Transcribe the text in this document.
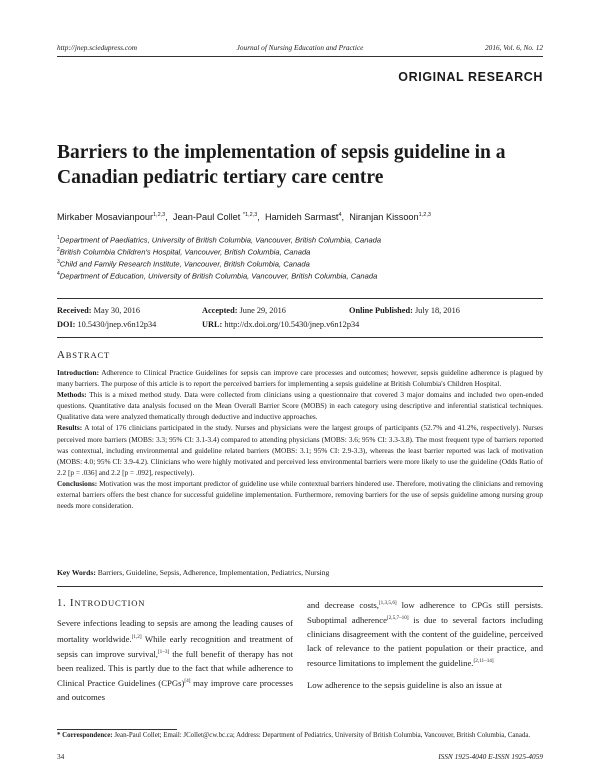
http://jnep.sciedupress.com	Journal of Nursing Education and Practice	2016, Vol. 6, No. 12
ORIGINAL RESEARCH
Barriers to the implementation of sepsis guideline in a Canadian pediatric tertiary care centre
Mirkaber Mosavianpour$^{1,2,3}$,  Jean-Paul Collet $^{*1,2,3}$,  Hamideh Sarmast$^4$,  Niranjan Kissoon$^{1,2,3}$
$^1$Department of Paediatrics, University of British Columbia, Vancouver, British Columbia, Canada
$^2$British Columbia Children's Hospital, Vancouver, British Columbia, Canada
$^3$Child and Family Research Institute, Vancouver, British Columbia, Canada
$^4$Department of Education, University of British Columbia, Vancouver, British Columbia, Canada
Received: May 30, 2016	Accepted: June 29, 2016	Online Published: July 18, 2016
DOI: 10.5430/jnep.v6n12p34	URL: http://dx.doi.org/10.5430/jnep.v6n12p34
ABSTRACT

Introduction: Adherence to Clinical Practice Guidelines for sepsis can improve care processes and outcomes; however, sepsis guideline adherence is plagued by many barriers. The purpose of this article is to report the perceived barriers for implementing a sepsis guideline at British Columbia's Children Hospital.

Methods: This is a mixed method study. Data were collected from clinicians using a questionnaire that covered 3 major domains and included two open-ended questions. Quantitative data analysis focused on the Mean Overall Barrier Score (MOBS) in each category using descriptive and inferential statistical techniques. Qualitative data were analyzed thematically through deductive and inductive approaches.

Results: A total of 176 clinicians participated in the study. Nurses and physicians were the largest groups of participants (52.7% and 41.2%, respectively). Nurses perceived more barriers (MOBS: 3.3; 95% CI: 3.1-3.4) compared to attending physicians (MOBS: 3.6; 95% CI: 3.3-3.8). The most frequent type of barriers reported was contextual, including environmental and guideline related barriers (MOBS: 3.1; 95% CI: 2.9-3.3), whereas the least barrier reported was lack of motivation (MOBS: 4.0; 95% CI: 3.9-4.2). Clinicians who were highly motivated and perceived less environmental barriers were more likely to use the guideline (Odds Ratio of 2.2 [p = .036] and 2.2 [p = .092], respectively).

Conclusions: Motivation was the most important predictor of guideline use while contextual barriers hindered use. Therefore, motivating the clinicians and removing external barriers offers the best chance for successful guideline implementation. Furthermore, removing barriers for the use of sepsis guideline among nursing group needs more consideration.

Key Words: Barriers, Guideline, Sepsis, Adherence, Implementation, Pediatrics, Nursing
1. INTRODUCTION

Severe infections leading to sepsis are among the leading causes of mortality worldwide.[1,2] While early recognition and treatment of sepsis can improve survival,[1–3] the full benefit of therapy has not been realized. This is partly due to the fact that while adherence to Clinical Practice Guidelines (CPGs)[4] may improve care processes and outcomes

and decrease costs,[1,3,5,6] low adherence to CPGs still persists. Suboptimal adherence[2,5,7–10] is due to several factors including clinicians disagreement with the content of the guideline, perceived lack of relevance to the patient population or their practice, and resource limitations to implement the guideline.[2,11–14]

Low adherence to the sepsis guideline is also an issue at

* Correspondence: Jean-Paul Collet; Email: JCollet@cw.bc.ca; Address: Department of Pediatrics, University of British Columbia, Vancouver, British Columbia, Canada.
34	ISSN 1925-4040 E-ISSN 1925-4059
